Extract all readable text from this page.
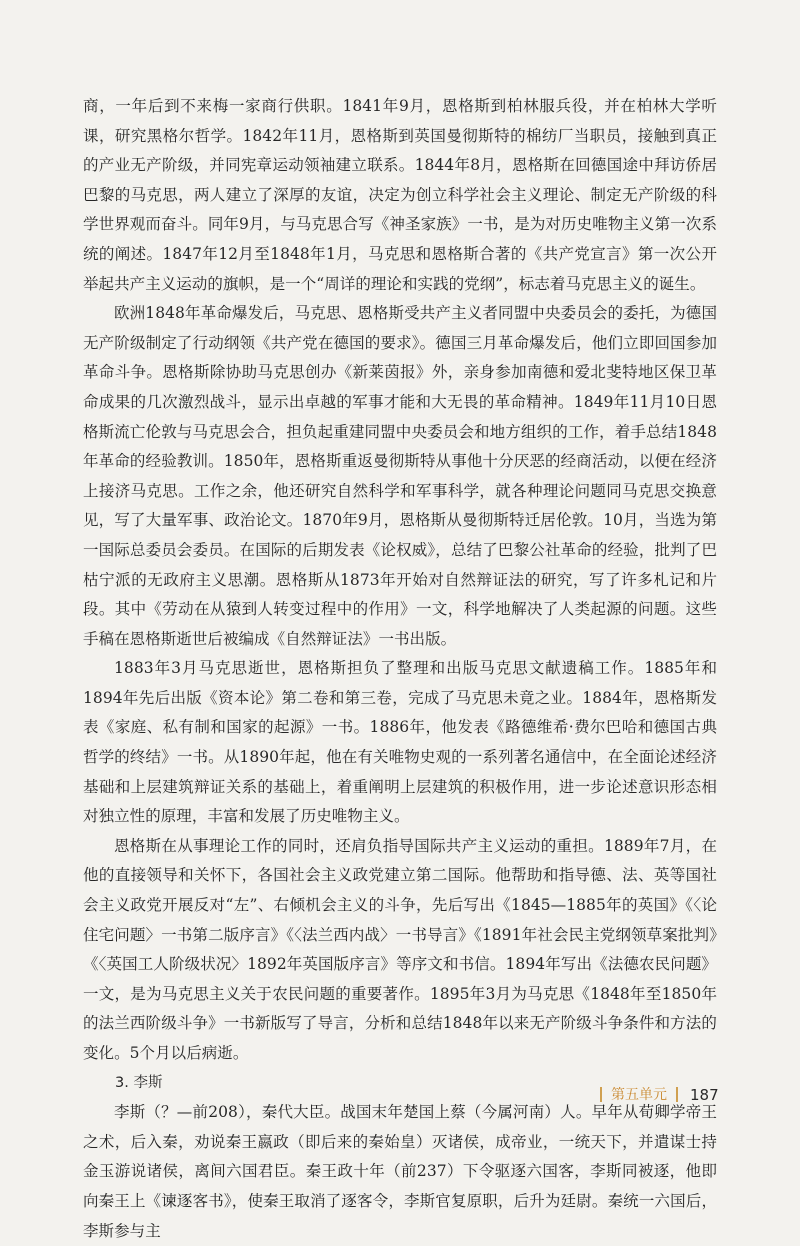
商，一年后到不来梅一家商行供职。1841年9月，恩格斯到柏林服兵役，并在柏林大学听课，研究黑格尔哲学。1842年11月，恩格斯到英国曼彻斯特的棉纺厂当职员，接触到真正的产业无产阶级，并同宪章运动领袖建立联系。1844年8月，恩格斯在回德国途中拜访侨居巴黎的马克思，两人建立了深厚的友谊，决定为创立科学社会主义理论、制定无产阶级的科学世界观而奋斗。同年9月，与马克思合写《神圣家族》一书，是为对历史唯物主义第一次系统的阐述。1847年12月至1848年1月，马克思和恩格斯合著的《共产党宣言》第一次公开举起共产主义运动的旗帜，是一个“周详的理论和实践的党纲”，标志着马克思主义的诞生。

欧洲1848年革命爆发后，马克思、恩格斯受共产主义者同盟中央委员会的委托，为德国无产阶级制定了行动纲领《共产党在德国的要求》。德国三月革命爆发后，他们立即回国参加革命斗争。恩格斯除协助马克思创办《新莱茵报》外，亲身参加南德和爱北斐特地区保卫革命成果的几次激烈战斗，显示出卓越的军事才能和大无畏的革命精神。1849年11月10日恩格斯流亡伦敦与马克思会合，担负起重建同盟中央委员会和地方组织的工作，着手总结1848年革命的经验教训。1850年，恩格斯重返曼彻斯特从事他十分厌恶的经商活动，以便在经济上接济马克思。工作之余，他还研究自然科学和军事科学，就各种理论问题同马克思交换意见，写了大量军事、政治论文。1870年9月，恩格斯从曼彻斯特迁居伦敦。10月，当选为第一国际总委员会委员。在国际的后期发表《论权威》，总结了巴黎公社革命的经验，批判了巴枯宁派的无政府主义思潮。恩格斯从1873年开始对自然辩证法的研究，写了许多札记和片段。其中《劳动在从猿到人转变过程中的作用》一文，科学地解决了人类起源的问题。这些手稿在恩格斯逝世后被编成《自然辩证法》一书出版。

1883年3月马克思逝世，恩格斯担负了整理和出版马克思文献遗稿工作。1885年和1894年先后出版《资本论》第二卷和第三卷，完成了马克思未竟之业。1884年，恩格斯发表《家庭、私有制和国家的起源》一书。1886年，他发表《路德维希·费尔巴哈和德国古典哲学的终结》一书。从1890年起，他在有关唯物史观的一系列著名通信中，在全面论述经济基础和上层建筑辩证关系的基础上，着重阐明上层建筑的积极作用，进一步论述意识形态相对独立性的原理，丰富和发展了历史唯物主义。

恩格斯在从事理论工作的同时，还肩负指导国际共产主义运动的重担。1889年7月，在他的直接领导和关怀下，各国社会主义政党建立第二国际。他帮助和指导德、法、英等国社会主义政党开展反对“左”、右倾机会主义的斗争，先后写出《1845—1885年的英国》《〈论住宅问题〉一书第二版序言》《〈法兰西内战〉一书导言》《1891年社会民主党纲领草案批判》《〈英国工人阶级状况〉1892年英国版序言》等序文和书信。1894年写出《法德农民问题》一文，是为马克思主义关于农民问题的重要著作。1895年3月为马克思《1848年至1850年的法兰西阶级斗争》一书新版写了导言，分析和总结1848年以来无产阶级斗争条件和方法的变化。5个月以后病逝。

3. 李斯

李斯（？—前208），秦代大臣。战国末年楚国上蔡（今属河南）人。早年从荀卿学帝王之术，后入秦，劝说秦王嬴政（即后来的秦始皇）灭诸侯，成帝业，一统天下，并遣谋士持金玉游说诸侯，离间六国君臣。秦王政十年（前237）下令驱逐六国客，李斯同被逐，他即向秦王上《谏逐客书》，使秦王取消了逐客令，李斯官复原职，后升为廷尉。秦统一六国后，李斯参与主

第五单元 187
